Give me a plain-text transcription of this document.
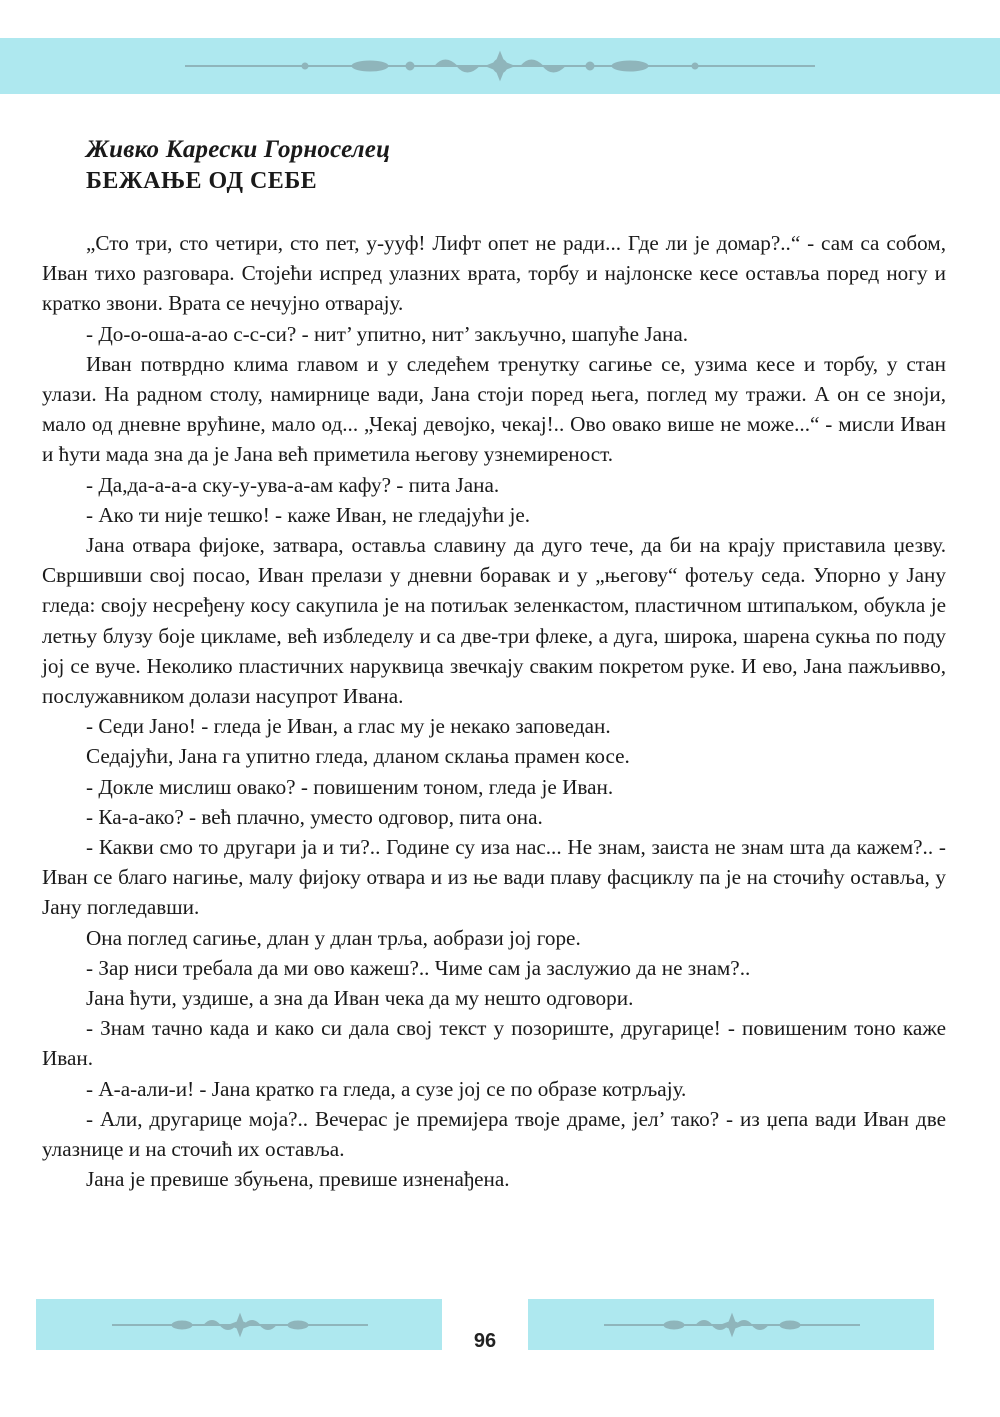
Живко Карески Горноселец
БЕЖАЊЕ ОД СЕБЕ

„Сто три, сто четири, сто пет, у-ууф! Лифт опет не ради... Где ли је домар?..“ - сам са собом, Иван тихо разговара. Стојећи испред улазних врата, торбу и најлонске кесе оставља поред ногу и кратко звони. Врата се нечујно отварају.

- До-о-оша-а-ао с-с-си? - нит’ упитно, нит’ закључно, шапуће Јана.

Иван потврдно клима главом и у следећем тренутку сагиње се, узима кесе и торбу, у стан улази. На радном столу, намирнице вади, Јана стоји поред њега, поглед му тражи. А он се зноји, мало од дневне врућине, мало од... „Чекај девојко, чекај!.. Ово овако више не може...“ - мисли Иван и ћути мада зна да је Јана већ приметила његову узнемиреност.

- Да,да-а-а-а ску-у-ува-а-ам кафу? - пита Јана.

- Ако ти није тешко! - каже Иван, не гледајући је.

Јана отвара фијоке, затвара, оставља славину да дуго тече, да би на крају приставила џезву. Свршивши свој посао, Иван прелази у дневни боравак и у „његову“ фотељу седа. Упорно у Јану гледа: своју несређену косу сакупила је на потиљак зеленкастом, пластичном штипаљком, обукла је летњу блузу боје цикламе, већ избледелу и са две-три флеке, а дуга, широка, шарена сукња по поду јој се вуче. Неколико пластичних наруквица звечкају сваким покретом руке. И ево, Јана пажљиввo, послужавником долази насупрот Ивана.

- Седи Јано! - гледа је Иван, а глас му је некако заповедан.

Седајући, Јана га упитно гледа, дланом склања прамен косе.

- Докле мислиш овако? - повишеним тоном, гледа је Иван.

- Ка-а-ако? - већ плачно, уместо одговор, пита она.

- Какви смо то другари ја и ти?.. Године су иза нас... Не знам, заиста не знам шта да кажем?.. - Иван се благо нагиње, малу фијоку отвара и из ње вади плаву фасциклу па је на сточићу оставља, у Јану погледавши.

Она поглед сагиње, длан у длан трља, аобрази јој горе.

- Зар ниси требала да ми ово кажеш?.. Чиме сам ја заслужио да не знам?..

Јана ћути, уздише, а зна да Иван чека да му нешто одговори.

- Знам тачно када и како си дала свој текст у позориште, другарице! - повишеним тоно каже Иван.

- А-а-али-и! - Јана кратко га гледа, а сузе јој се по образе котрљају.

- Али, другарице моја?.. Вечерас је премијера твоје драме, јел’ тако? - из џепа вади Иван две улазнице и на сточић их оставља.

Јана је превише збуњена, превише изненађена.

96
